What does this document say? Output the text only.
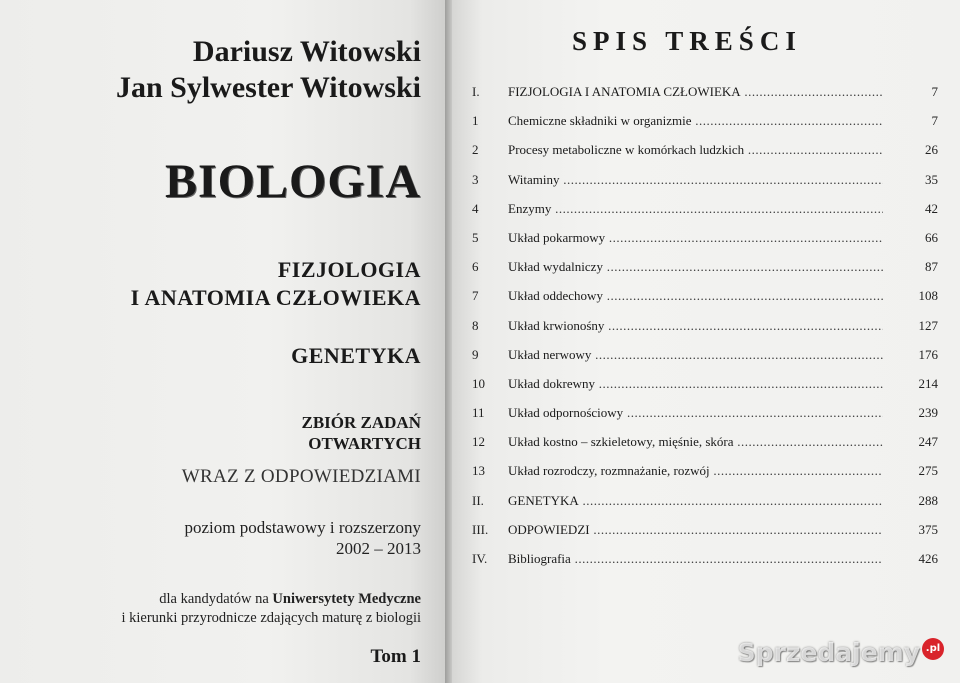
Dariusz Witowski
Jan Sylwester Witowski
BIOLOGIA
FIZJOLOGIA
I ANATOMIA CZŁOWIEKA
GENETYKA
ZBIÓR ZADAŃ
OTWARTYCH
WRAZ Z ODPOWIEDZIAMI
poziom podstawowy i rozszerzony
2002 – 2013
dla kandydatów na Uniwersytety Medyczne
i kierunki przyrodnicze zdających maturę z biologii
Tom 1
SPIS TREŚCI
I.	FIZJOLOGIA I ANATOMIA CZŁOWIEKA .....	7
1	Chemiczne składniki w organizmie .....	7
2	Procesy metaboliczne w komórkach ludzkich .....	26
3	Witaminy .....	35
4	Enzymy .....	42
5	Układ pokarmowy .....	66
6	Układ wydalniczy .....	87
7	Układ oddechowy .....	108
8	Układ krwionośny .....	127
9	Układ nerwowy .....	176
10	Układ dokrewny .....	214
11	Układ odpornościowy .....	239
12	Układ kostno – szkieletowy, mięśnie, skóra .....	247
13	Układ rozrodczy, rozmnażanie, rozwój .....	275
II.	GENETYKA .....	288
III.	ODPOWIEDZI .....	375
IV.	Bibliografia .....	426
Sprzedajemy .pl
